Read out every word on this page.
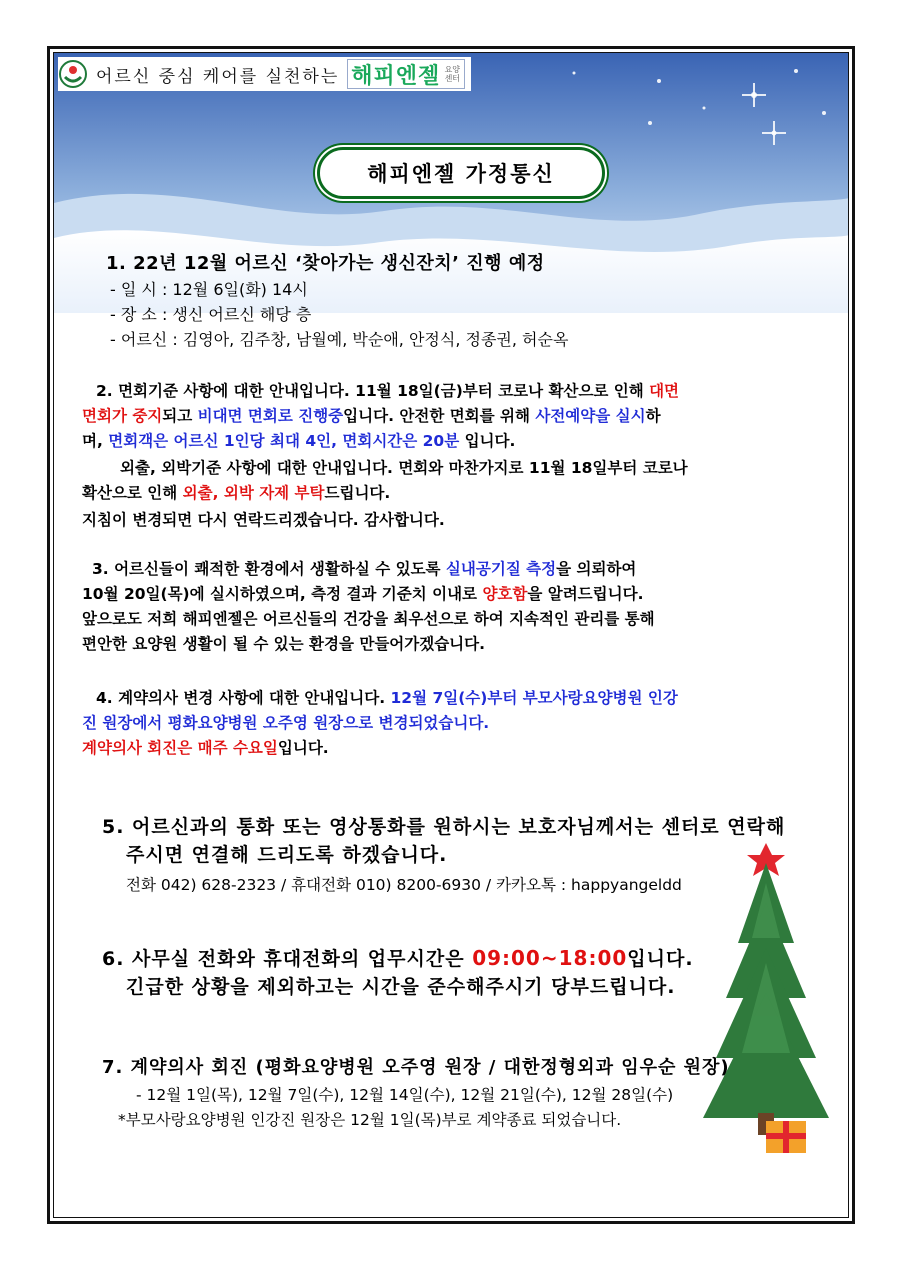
어르신 중심 케어를 실천하는 해피엔젤 요양센터
해피엔젤 가정통신
1. 22년 12월 어르신 ‘찾아가는 생신잔치’ 진행 예정
- 일 시 : 12월 6일(화) 14시
- 장 소 : 생신 어르신 해당 층
- 어르신 : 김영아, 김주창, 남월예, 박순애, 안정식, 정종권, 허순옥
2. 면회기준 사항에 대한 안내입니다. 11월 18일(금)부터 코로나 확산으로 인해 대면
면회가 중지되고 비대면 면회로 진행중입니다. 안전한 면회를 위해 사전예약을 실시하
며, 면회객은 어르신 1인당 최대 4인, 면회시간은 20분 입니다.
외출, 외박기준 사항에 대한 안내입니다. 면회와 마찬가지로 11월 18일부터 코로나
확산으로 인해 외출, 외박 자제 부탁드립니다.
지침이 변경되면 다시 연락드리겠습니다. 감사합니다.
3. 어르신들이 쾌적한 환경에서 생활하실 수 있도록 실내공기질 측정을 의뢰하여
10월 20일(목)에 실시하였으며, 측정 결과 기준치 이내로 양호함을 알려드립니다.
앞으로도 저희 해피엔젤은 어르신들의 건강을 최우선으로 하여 지속적인 관리를 통해
편안한 요양원 생활이 될 수 있는 환경을 만들어가겠습니다.
4. 계약의사 변경 사항에 대한 안내입니다. 12월 7일(수)부터 부모사랑요양병원 인강
진 원장에서 평화요양병원 오주영 원장으로 변경되었습니다.
계약의사 회진은 매주 수요일입니다.
5. 어르신과의 통화 또는 영상통화를 원하시는 보호자님께서는 센터로 연락해
주시면 연결해 드리도록 하겠습니다.
전화 042) 628-2323 / 휴대전화 010) 8200-6930 / 카카오톡 : happyangeldd
6. 사무실 전화와 휴대전화의 업무시간은 09:00~18:00입니다.
긴급한 상황을 제외하고는 시간을 준수해주시기 당부드립니다.
7. 계약의사 회진 (평화요양병원 오주영 원장 / 대한정형외과 임우순 원장)
- 12월 1일(목), 12월 7일(수), 12월 14일(수), 12월 21일(수), 12월 28일(수)
*부모사랑요양병원 인강진 원장은 12월 1일(목)부로 계약종료 되었습니다.
